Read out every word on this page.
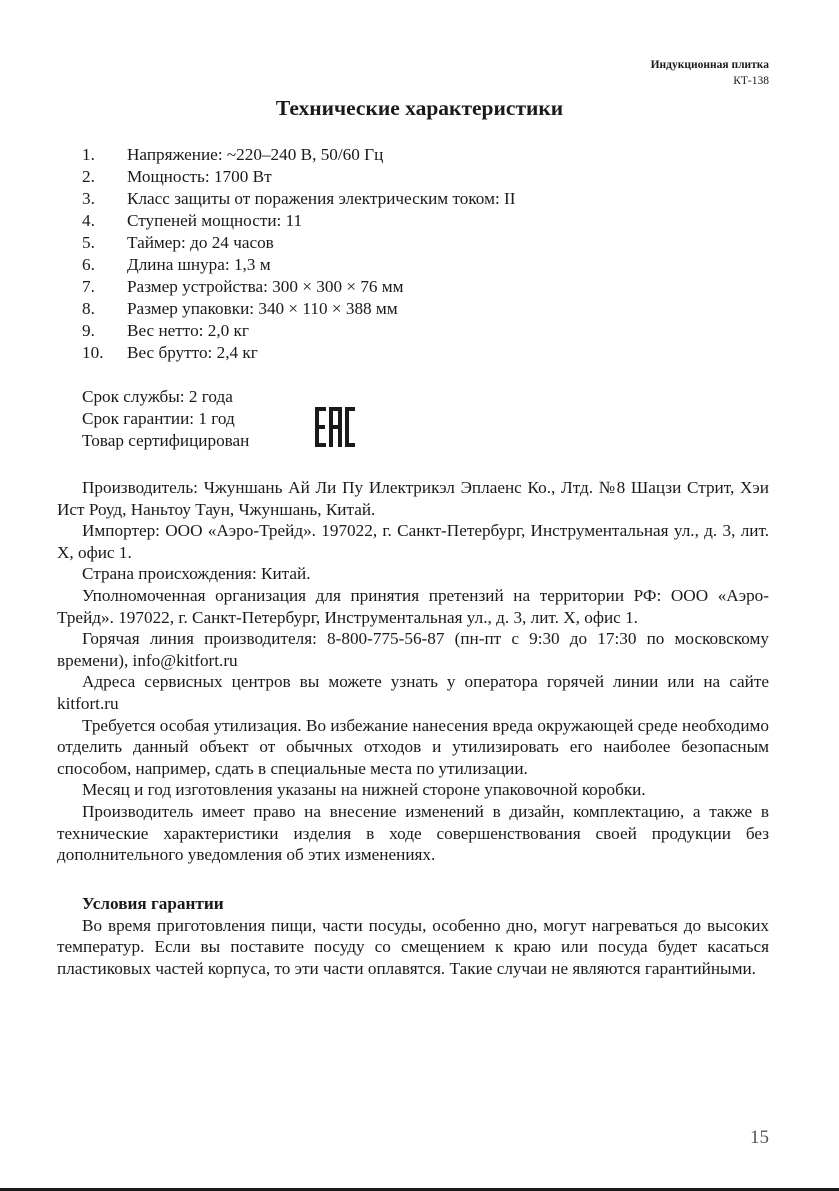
Индукционная плитка
КТ-138
Технические характеристики
1.	Напряжение: ~220–240 В, 50/60 Гц
2.	Мощность: 1700 Вт
3.	Класс защиты от поражения электрическим током: II
4.	Ступеней мощности: 11
5.	Таймер: до 24 часов
6.	Длина шнура: 1,3 м
7.	Размер устройства: 300 × 300 × 76 мм
8.	Размер упаковки: 340 × 110 × 388 мм
9.	Вес нетто: 2,0 кг
10.	Вес брутто: 2,4 кг
Срок службы: 2 года
Срок гарантии: 1 год
Товар сертифицирован

Производитель: Чжуншань Ай Ли Пу Илектрикэл Эплаенс Ко., Лтд. №8 Шацзи Стрит, Хэи Ист Роуд, Наньтоу Таун, Чжуншань, Китай.

Импортер: ООО «Аэро-Трейд». 197022, г. Санкт-Петербург, Инструментальная ул., д. 3, лит. Х, офис 1.

Страна происхождения: Китай.

Уполномоченная организация для принятия претензий на территории РФ: ООО «Аэро-Трейд». 197022, г. Санкт-Петербург, Инструментальная ул., д. 3, лит. Х, офис 1.

Горячая линия производителя: 8-800-775-56-87 (пн-пт с 9:30 до 17:30 по московскому времени), info@kitfort.ru

Адреса сервисных центров вы можете узнать у оператора горячей линии или на сайте kitfort.ru

Требуется особая утилизация. Во избежание нанесения вреда окружающей среде необходимо отделить данный объект от обычных отходов и утилизировать его наиболее безопасным способом, например, сдать в специальные места по утилизации.

Месяц и год изготовления указаны на нижней стороне упаковочной коробки.

Производитель имеет право на внесение изменений в дизайн, комплектацию, а также в технические характеристики изделия в ходе совершенствования своей продукции без дополнительного уведомления об этих изменениях.

Условия гарантии

Во время приготовления пищи, части посуды, особенно дно, могут нагреваться до высоких температур. Если вы поставите посуду со смещением к краю или посуда будет касаться пластиковых частей корпуса, то эти части оплавятся. Такие случаи не являются гарантийными.

15
